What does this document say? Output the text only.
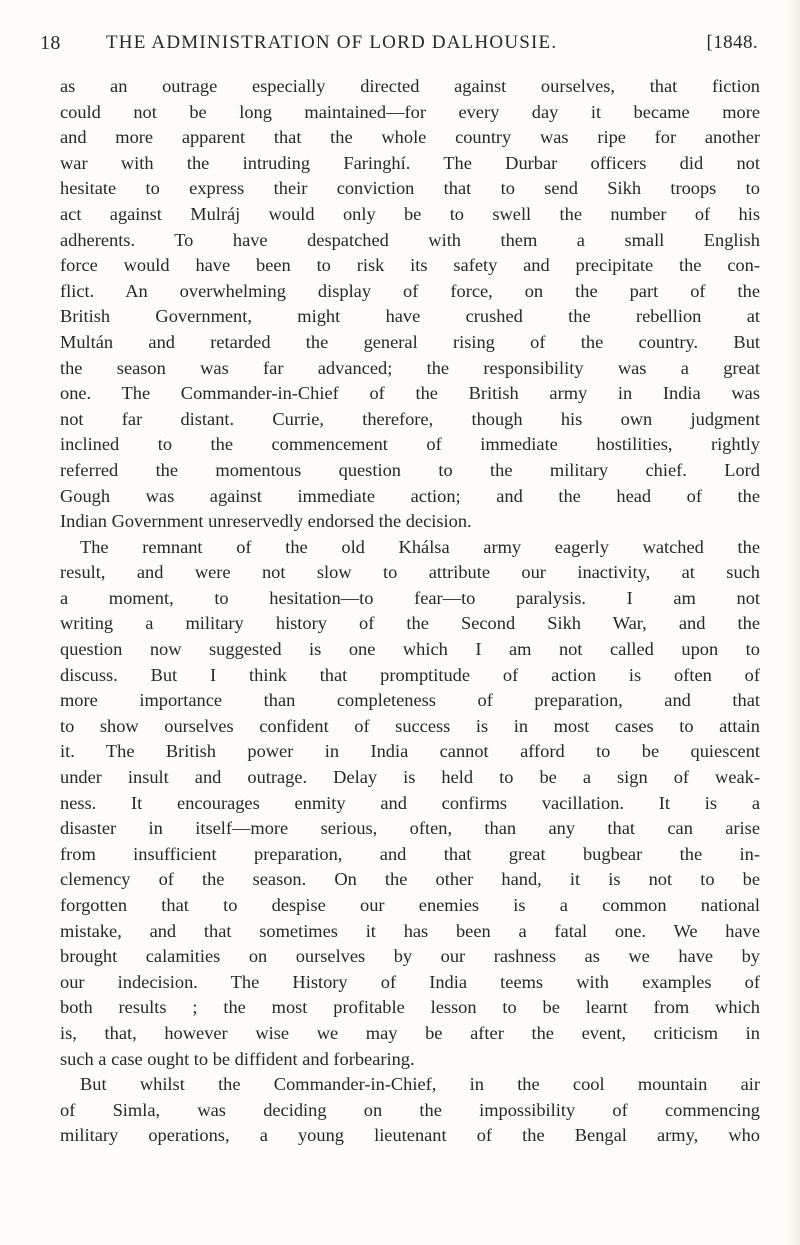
18 THE ADMINISTRATION OF LORD DALHOUSIE.	[1848.
as an outrage especially directed against ourselves, that fiction
could not be long maintained—for every day it became more
and more apparent that the whole country was ripe for another
war with the intruding Faringhí. The Durbar officers did not
hesitate to express their conviction that to send Sikh troops to
act against Mulráj would only be to swell the number of his
adherents. To have despatched with them a small English
force would have been to risk its safety and precipitate the con-
flict. An overwhelming display of force, on the part of the
British Government, might have crushed the rebellion at
Multán and retarded the general rising of the country. But
the season was far advanced; the responsibility was a great
one. The Commander-in-Chief of the British army in India was
not far distant. Currie, therefore, though his own judgment
inclined to the commencement of immediate hostilities, rightly
referred the momentous question to the military chief. Lord
Gough was against immediate action; and the head of the
Indian Government unreservedly endorsed the decision.
The remnant of the old Khálsa army eagerly watched the
result, and were not slow to attribute our inactivity, at such
a moment, to hesitation—to fear—to paralysis. I am not
writing a military history of the Second Sikh War, and the
question now suggested is one which I am not called upon to
discuss. But I think that promptitude of action is often of
more importance than completeness of preparation, and that
to show ourselves confident of success is in most cases to attain
it. The British power in India cannot afford to be quiescent
under insult and outrage. Delay is held to be a sign of weak-
ness. It encourages enmity and confirms vacillation. It is a
disaster in itself—more serious, often, than any that can arise
from insufficient preparation, and that great bugbear the in-
clemency of the season. On the other hand, it is not to be
forgotten that to despise our enemies is a common national
mistake, and that sometimes it has been a fatal one. We have
brought calamities on ourselves by our rashness as we have by
our indecision. The History of India teems with examples of
both results ; the most profitable lesson to be learnt from which
is, that, however wise we may be after the event, criticism in
such a case ought to be diffident and forbearing.
But whilst the Commander-in-Chief, in the cool mountain air
of Simla, was deciding on the impossibility of commencing
military operations, a young lieutenant of the Bengal army, who
